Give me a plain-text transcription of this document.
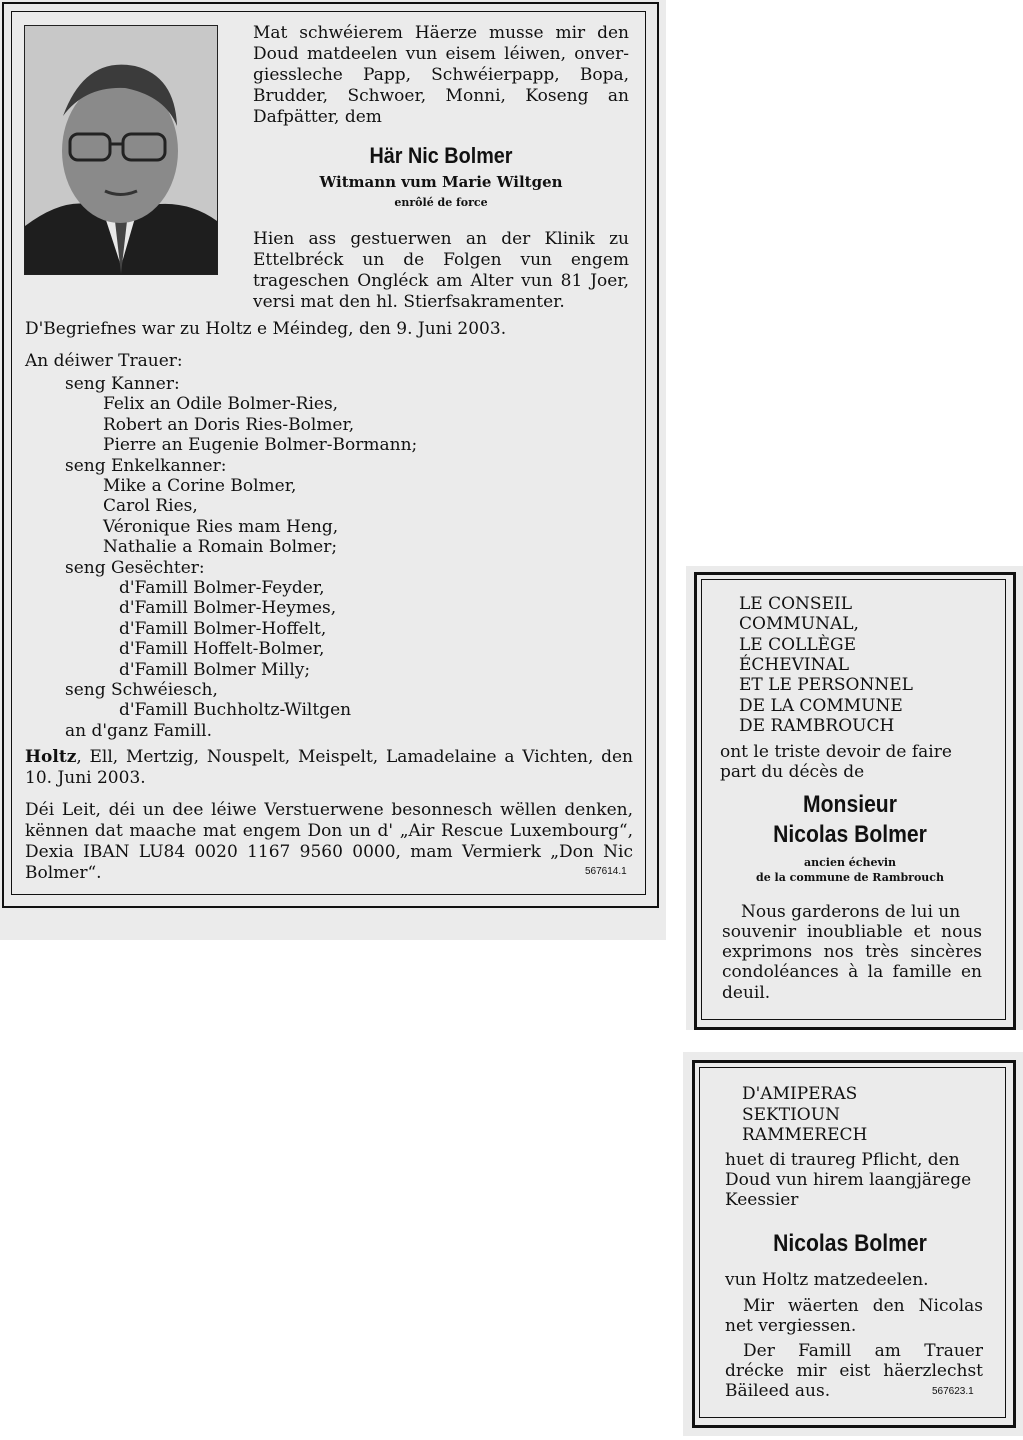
Mat schwéierem Häerze musse mir den
Doud matdeelen vun eisem léiwen, onver-
giessleche Papp, Schwéierpapp, Bopa,
Brudder, Schwoer, Monni, Koseng an
Dafpätter, dem
Här Nic Bolmer
Witmann vum Marie Wiltgen
enrôlé de force
Hien ass gestuerwen an der Klinik zu
Ettelbréck un de Folgen vun engem
trageschen Ongléck am Alter vun 81 Joer,
versi mat den hl. Stierfsakramenter.
D'Begriefnes war zu Holtz e Méindeg, den 9. Juni 2003.
An déiwer Trauer:
seng Kanner:
Felix an Odile Bolmer-Ries,
Robert an Doris Ries-Bolmer,
Pierre an Eugenie Bolmer-Bormann;
seng Enkelkanner:
Mike a Corine Bolmer,
Carol Ries,
Véronique Ries mam Heng,
Nathalie a Romain Bolmer;
seng Gesëchter:
d'Famill Bolmer-Feyder,
d'Famill Bolmer-Heymes,
d'Famill Bolmer-Hoffelt,
d'Famill Hoffelt-Bolmer,
d'Famill Bolmer Milly;
seng Schwéiesch,
d'Famill Buchholtz-Wiltgen
an d'ganz Famill.
Holtz, Ell, Mertzig, Nouspelt, Meispelt, Lamadelaine a Vichten, den
10. Juni 2003.
Déi Leit, déi un dee léiwe Verstuerwene besonnesch wëllen denken,
kënnen dat maache mat engem Don un d' „Air Rescue Luxembourg“,
Dexia IBAN LU84 0020 1167 9560 0000, mam Vermierk „Don Nic
Bolmer“.	567614.1
LE CONSEIL
COMMUNAL,
LE COLLÈGE
ÉCHEVINAL
ET LE PERSONNEL
DE LA COMMUNE
DE RAMBROUCH
ont le triste devoir de faire
part du décès de
Monsieur
Nicolas Bolmer
ancien échevin
de la commune de Rambrouch
Nous garderons de lui un
souvenir inoubliable et nous
exprimons nos très sincères
condoléances à la famille en
deuil.
D'AMIPERAS
SEKTIOUN
RAMMERECH
huet di traureg Pflicht, den
Doud vun hirem laangjärege
Keessier
Nicolas Bolmer
vun Holtz matzedeelen.
Mir wäerten den Nicolas
net vergiessen.
Der Famill am Trauer
drécke mir eist häerzlechst
Bäileed aus.	567623.1
